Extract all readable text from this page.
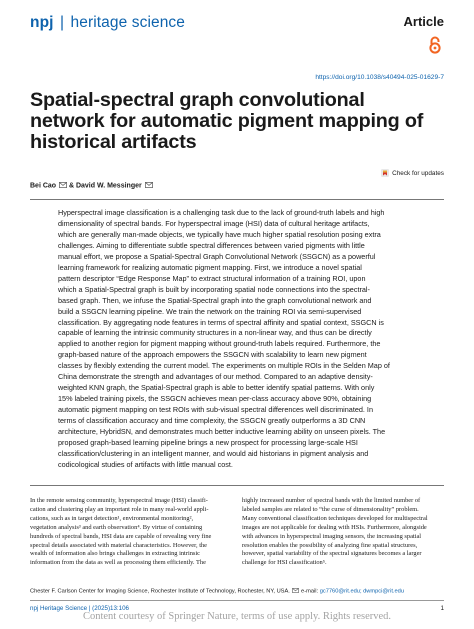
npj | heritage science	Article
https://doi.org/10.1038/s40494-025-01629-7
Spatial-spectral graph convolutional
network for automatic pigment mapping of
historical artifacts
Check for updates
Bei Cao  & David W. Messinger
Hyperspectral image classification is a challenging task due to the lack of ground-truth labels and high
dimensionality of spectral bands. For hyperspectral image (HSI) data of cultural heritage artifacts,
which are generally man-made objects, we typically have much higher spatial resolution posing extra
challenges. Aiming to differentiate subtle spectral differences between varied pigments with little
manual effort, we propose a Spatial-Spectral Graph Convolutional Network (SSGCN) as a powerful
learning framework for realizing automatic pigment mapping. First, we introduce a novel spatial
pattern descriptor “Edge Response Map” to extract structural information of a training ROI, upon
which a Spatial-Spectral graph is built by incorporating spatial node connections into the spectral-
based graph. Then, we infuse the Spatial-Spectral graph into the graph convolutional network and
build a SSGCN learning pipeline. We train the network on the training ROI via semi-supervised
classification. By aggregating node features in terms of spectral affinity and spatial context, SSGCN is
capable of learning the intrinsic community structures in a non-linear way, and thus can be directly
applied to another region for pigment mapping without ground-truth labels required. Furthermore, the
graph-based nature of the approach empowers the SSGCN with scalability to learn new pigment
classes by flexibly extending the current model. The experiments on multiple ROIs in the Selden Map of
China demonstrate the strength and advantages of our method. Compared to an adaptive density-
weighted KNN graph, the Spatial-Spectral graph is able to better identify spatial patterns. With only
15% labeled training pixels, the SSGCN achieves mean per-class accuracy above 90%, obtaining
automatic pigment mapping on test ROIs with sub-visual spectral differences well discriminated. In
terms of classification accuracy and time complexity, the SSGCN greatly outperforms a 3D CNN
architecture, HybridSN, and demonstrates much better inductive learning ability on unseen pixels. The
proposed graph-based learning pipeline brings a new prospect for processing large-scale HSI
classification/clustering in an intelligent manner, and would aid historians in pigment analysis and
codicological studies of artifacts with little manual cost.
In the remote sensing community, hyperspectral image (HSI) classifi-
cation and clustering play an important role in many real-world appli-
cations, such as in target detection¹, environmental monitoring²,
vegetation analysis³ and earth observation⁴. By virtue of containing
hundreds of spectral bands, HSI data are capable of revealing very fine
spectral details associated with material characteristics. However, the
wealth of information also brings challenges in extracting intrinsic
information from the data as well as processing them efficiently. The
highly increased number of spectral bands with the limited number of
labeled samples are related to “the curse of dimensionality” problem.
Many conventional classification techniques developed for multispectral
images are not applicable for dealing with HSIs. Furthermore, alongside
with advances in hyperspectral imaging sensors, the increasing spatial
resolution enables the possibility of analyzing fine spatial structures,
however, spatial variability of the spectral signatures becomes a larger
challenge for HSI classification⁵.
Chester F. Carlson Center for Imaging Science, Rochester Institute of Technology, Rochester, NY, USA. e-mail: gc7760@rit.edu; dwmpci@rit.edu
npj Heritage Science | (2025)13:106	1
Content courtesy of Springer Nature, terms of use apply. Rights reserved.
